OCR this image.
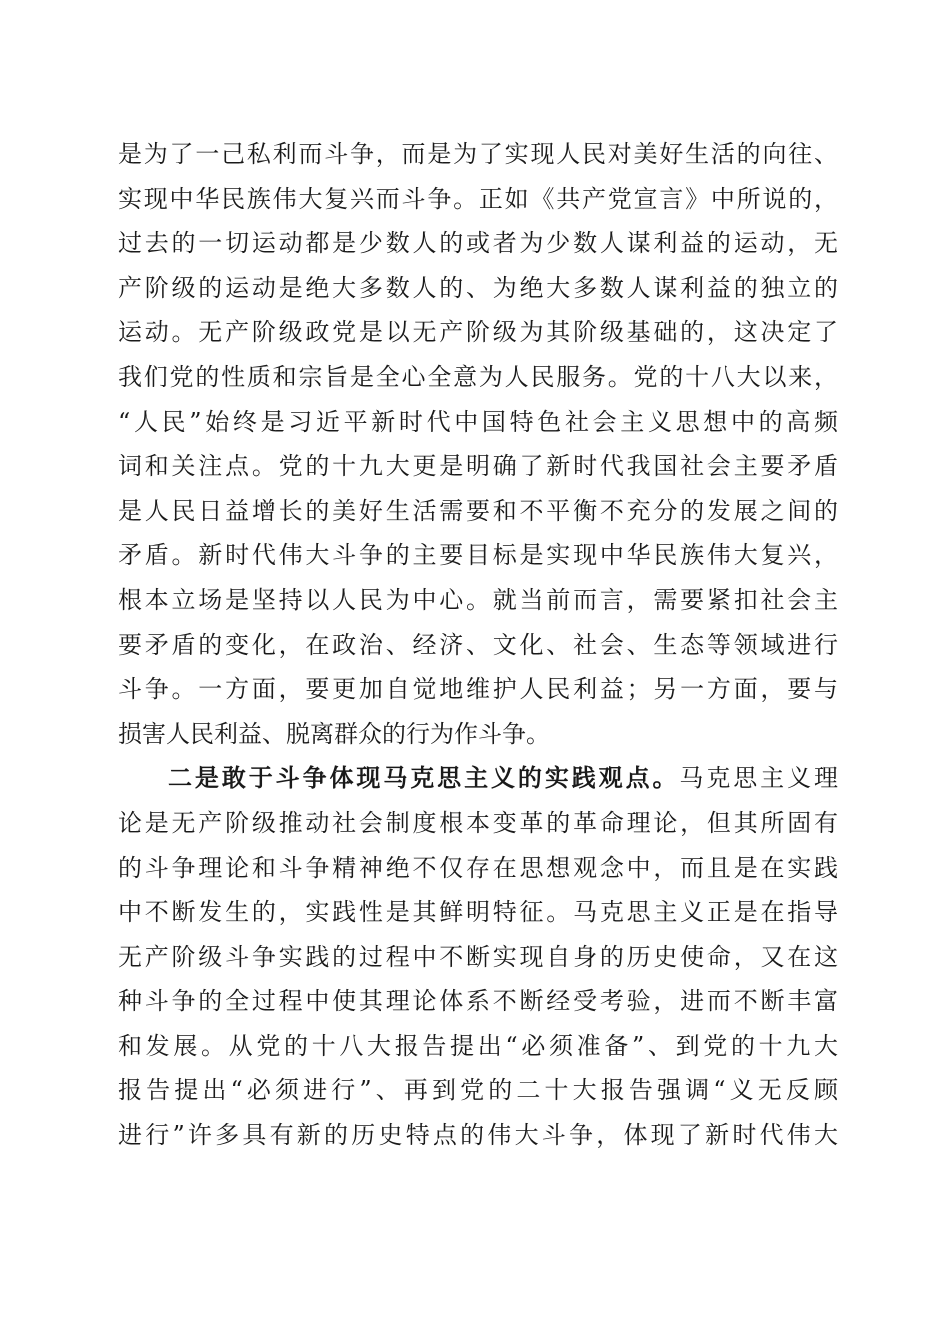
是为了一己私利而斗争，而是为了实现人民对美好生活的向往、
实现中华民族伟大复兴而斗争。正如《共产党宣言》中所说的，
过去的一切运动都是少数人的或者为少数人谋利益的运动，无
产阶级的运动是绝大多数人的、为绝大多数人谋利益的独立的
运动。无产阶级政党是以无产阶级为其阶级基础的，这决定了
我们党的性质和宗旨是全心全意为人民服务。党的十八大以来，
“人民”始终是习近平新时代中国特色社会主义思想中的高频
词和关注点。党的十九大更是明确了新时代我国社会主要矛盾
是人民日益增长的美好生活需要和不平衡不充分的发展之间的
矛盾。新时代伟大斗争的主要目标是实现中华民族伟大复兴，
根本立场是坚持以人民为中心。就当前而言，需要紧扣社会主
要矛盾的变化，在政治、经济、文化、社会、生态等领域进行
斗争。一方面，要更加自觉地维护人民利益；另一方面，要与
损害人民利益、脱离群众的行为作斗争。
二是敢于斗争体现马克思主义的实践观点。马克思主义理
论是无产阶级推动社会制度根本变革的革命理论，但其所固有
的斗争理论和斗争精神绝不仅存在思想观念中，而且是在实践
中不断发生的，实践性是其鲜明特征。马克思主义正是在指导
无产阶级斗争实践的过程中不断实现自身的历史使命，又在这
种斗争的全过程中使其理论体系不断经受考验，进而不断丰富
和发展。从党的十八大报告提出“必须准备”、到党的十九大
报告提出“必须进行”、再到党的二十大报告强调“义无反顾
进行”许多具有新的历史特点的伟大斗争，体现了新时代伟大
